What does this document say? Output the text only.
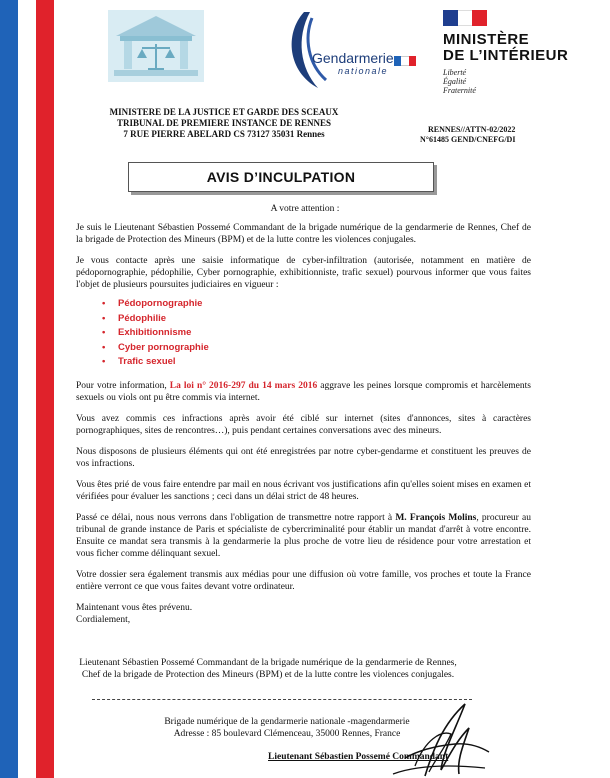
Gendarmerie
nationale
MINISTÈRE
DE L’INTÉRIEUR
Liberté
Égalité
Fraternité
MINISTERE DE LA JUSTICE ET GARDE DES SCEAUX
TRIBUNAL DE PREMIERE INSTANCE DE RENNES
7 RUE PIERRE ABELARD CS 73127 35031 Rennes	RENNES//ATTN-02/2022
N°61485 GEND/CNEFG/DI
AVIS D’INCULPATION
A votre attention :

Je suis le Lieutenant Sébastien Possemé Commandant de la brigade numérique de la gendarmerie de Rennes, Chef de la brigade de Protection des Mineurs (BPM) et de la lutte contre les violences conjugales.

Je vous contacte après une saisie informatique de cyber-infiltration (autorisée, notamment en matière de pédopornographie, pédophilie, Cyber pornographie, exhibitionniste, trafic sexuel) pourvous informer que vous faites l'objet de plusieurs poursuites judiciaires en vigueur :

• Pédopornographie
• Pédophilie
• Exhibitionnisme
• Cyber pornographie
• Trafic sexuel

Pour votre information, La loi n° 2016-297 du 14 mars 2016 aggrave les peines lorsque compromis et harcèlements sexuels ou viols ont pu être commis via internet.

Vous avez commis ces infractions après avoir été ciblé sur internet (sites d'annonces, sites à caractères pornographiques, sites de rencontres…), puis pendant certaines conversations avec des mineurs.

Nous disposons de plusieurs éléments qui ont été enregistrées par notre cyber-gendarme et constituent les preuves de vos infractions.

Vous êtes prié de vous faire entendre par mail en nous écrivant vos justifications afin qu'elles soient mises en examen et vérifiées pour évaluer les sanctions ; ceci dans un délai strict de 48 heures.

Passé ce délai, nous nous verrons dans l'obligation de transmettre notre rapport à M. François Molins, procureur au tribunal de grande instance de Paris et spécialiste de cybercriminalité pour établir un mandat d'arrêt à votre encontre. Ensuite ce mandat sera transmis à la gendarmerie la plus proche de votre lieu de résidence pour votre arrestation et vous ficher comme délinquant sexuel.

Votre dossier sera également transmis aux médias pour une diffusion où votre famille, vos proches et toute la France entière verront ce que vous faites devant votre ordinateur.

Maintenant vous êtes prévenu.
Cordialement,
Lieutenant Sébastien Possemé Commandant de la brigade numérique de la gendarmerie de Rennes, Chef de la brigade de Protection des Mineurs (BPM) et de la lutte contre les violences conjugales.
Brigade numérique de la gendarmerie nationale -magendarmerie
Adresse : 85 boulevard Clémenceau, 35000 Rennes, France
Lieutenant Sébastien Possemé Commandant
